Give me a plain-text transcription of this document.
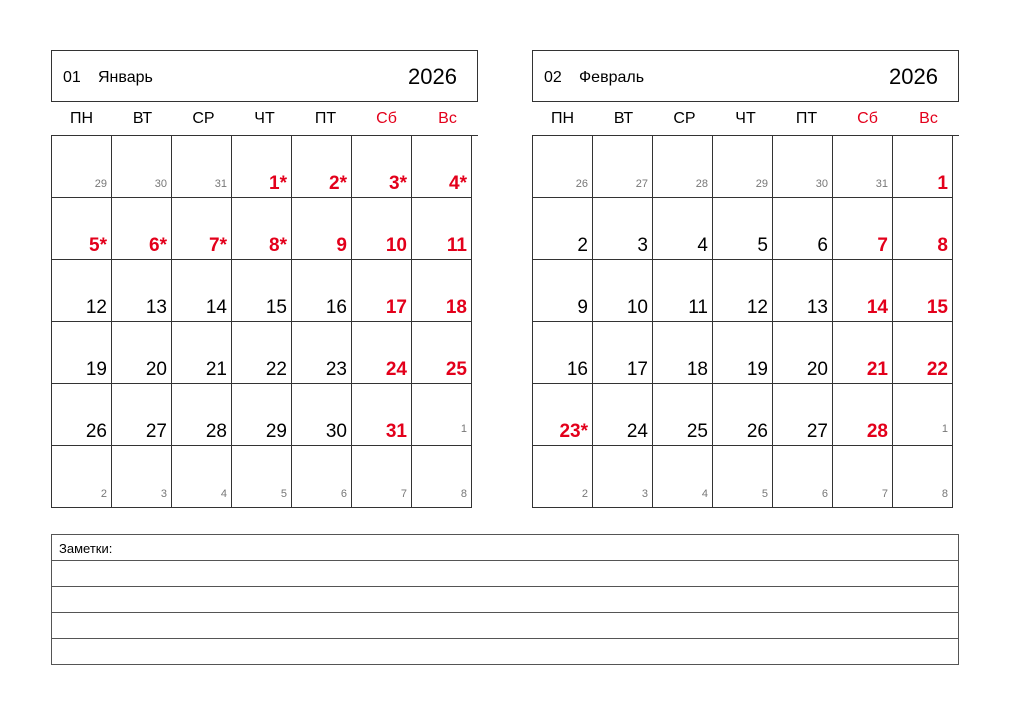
01 Январь	2026
ПН	ВТ	СР	ЧТ	ПТ	Сб	Вс
29	30	31 1* 2* 3* 4*
5* 6* 7* 8*	9 10 11
12 13 14 15 16 17 18
19 20 21 22 23 24 25
26 27 28 29 30 31	1
2	3	4	5	6	7	8
02 Февраль	2026
ПН	ВТ	СР	ЧТ	ПТ	Сб	Вс
26	27	28	29	30	31	1
2	3	4	5	6	7	8
9 10 11 12 13 14 15
16 17 18 19 20 21 22
23* 24 25 26 27 28	1
2	3	4	5	6	7	8
Заметки:
